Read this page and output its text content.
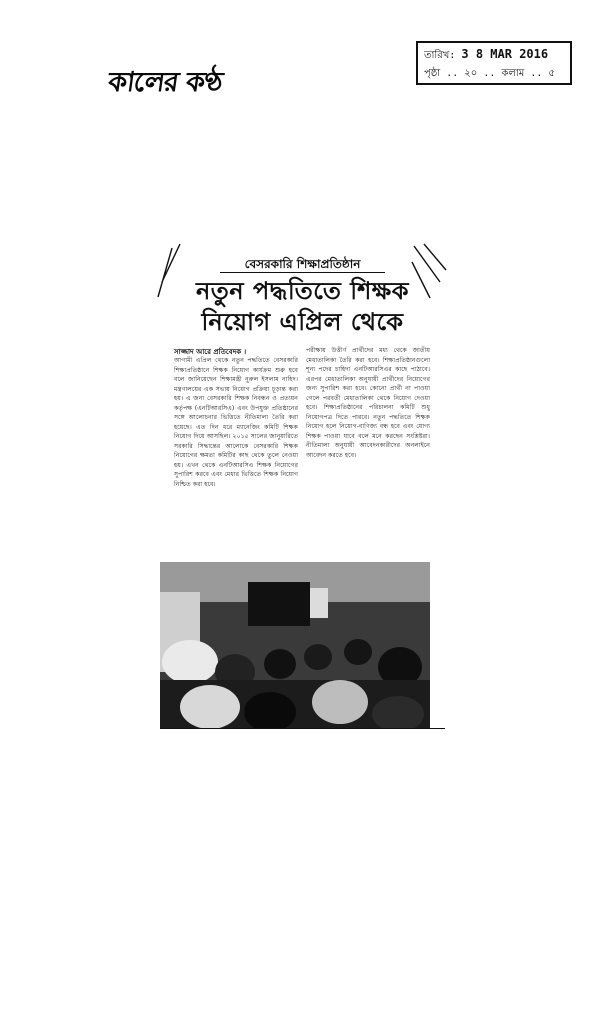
কালের কণ্ঠ
তারিখ: 3 8 MAR 2016
পৃষ্ঠা .. ২০ .. কলাম .. ৫
বেসরকারি শিক্ষাপ্রতিষ্ঠান
নতুন পদ্ধতিতে শিক্ষক
নিয়োগ এপ্রিল থেকে
সাজ্জাদ আরে প্রতিবেদক ।

আগামী এপ্রিল থেকে নতুন পদ্ধতিতে বেসরকারি শিক্ষাপ্রতিষ্ঠানে শিক্ষক নিয়োগ কার্যক্রম শুরু হবে বলে জানিয়েছেন শিক্ষামন্ত্রী নুরুল ইসলাম নাহিদ। মন্ত্রণালয়ের এক সভায় নিয়োগ প্রক্রিয়া চূড়ান্ত করা হয়। এ জন্য বেসরকারি শিক্ষক নিবন্ধন ও প্রত্যয়ন কর্তৃপক্ষ (এনটিআরসিএ) এবং উপযুক্ত প্রতিষ্ঠানের সঙ্গে আলোচনার ভিত্তিতে নীতিমালা তৈরি করা হয়েছে। এত দিন ধরে ম্যানেজিং কমিটি শিক্ষক নিয়োগ দিয়ে আসছিল। ২০১৫ সালের জানুয়ারিতে সরকারি সিদ্ধান্তের আলোকে বেসরকারি শিক্ষক নিয়োগের ক্ষমতা কমিটির কাছ থেকে তুলে নেওয়া হয়। এখন থেকে এনটিআরসিএ শিক্ষক নিয়োগের সুপারিশ করবে এবং মেধার ভিত্তিতে শিক্ষক নিয়োগ নিশ্চিত করা হবে।

পরীক্ষায় উত্তীর্ণ প্রার্থীদের মধ্য থেকে জাতীয় মেধাতালিকা তৈরি করা হবে। শিক্ষাপ্রতিষ্ঠানগুলো শূন্য পদের চাহিদা এনটিআরসিএর কাছে পাঠাবে। এরপর মেধাতালিকা অনুযায়ী প্রার্থীদের নিয়োগের জন্য সুপারিশ করা হবে। কোনো প্রার্থী না পাওয়া গেলে পরবর্তী মেধাতালিকা থেকে নিয়োগ দেওয়া হবে। শিক্ষাপ্রতিষ্ঠানের পরিচালনা কমিটি শুধু নিয়োগপত্র দিতে পারবে। নতুন পদ্ধতিতে শিক্ষক নিয়োগ হলে নিয়োগ-বাণিজ্য বন্ধ হবে এবং যোগ্য শিক্ষক পাওয়া যাবে বলে মনে করছেন সংশ্লিষ্টরা। নীতিমালা অনুযায়ী আবেদনকারীদের অনলাইনে আবেদন করতে হবে।
